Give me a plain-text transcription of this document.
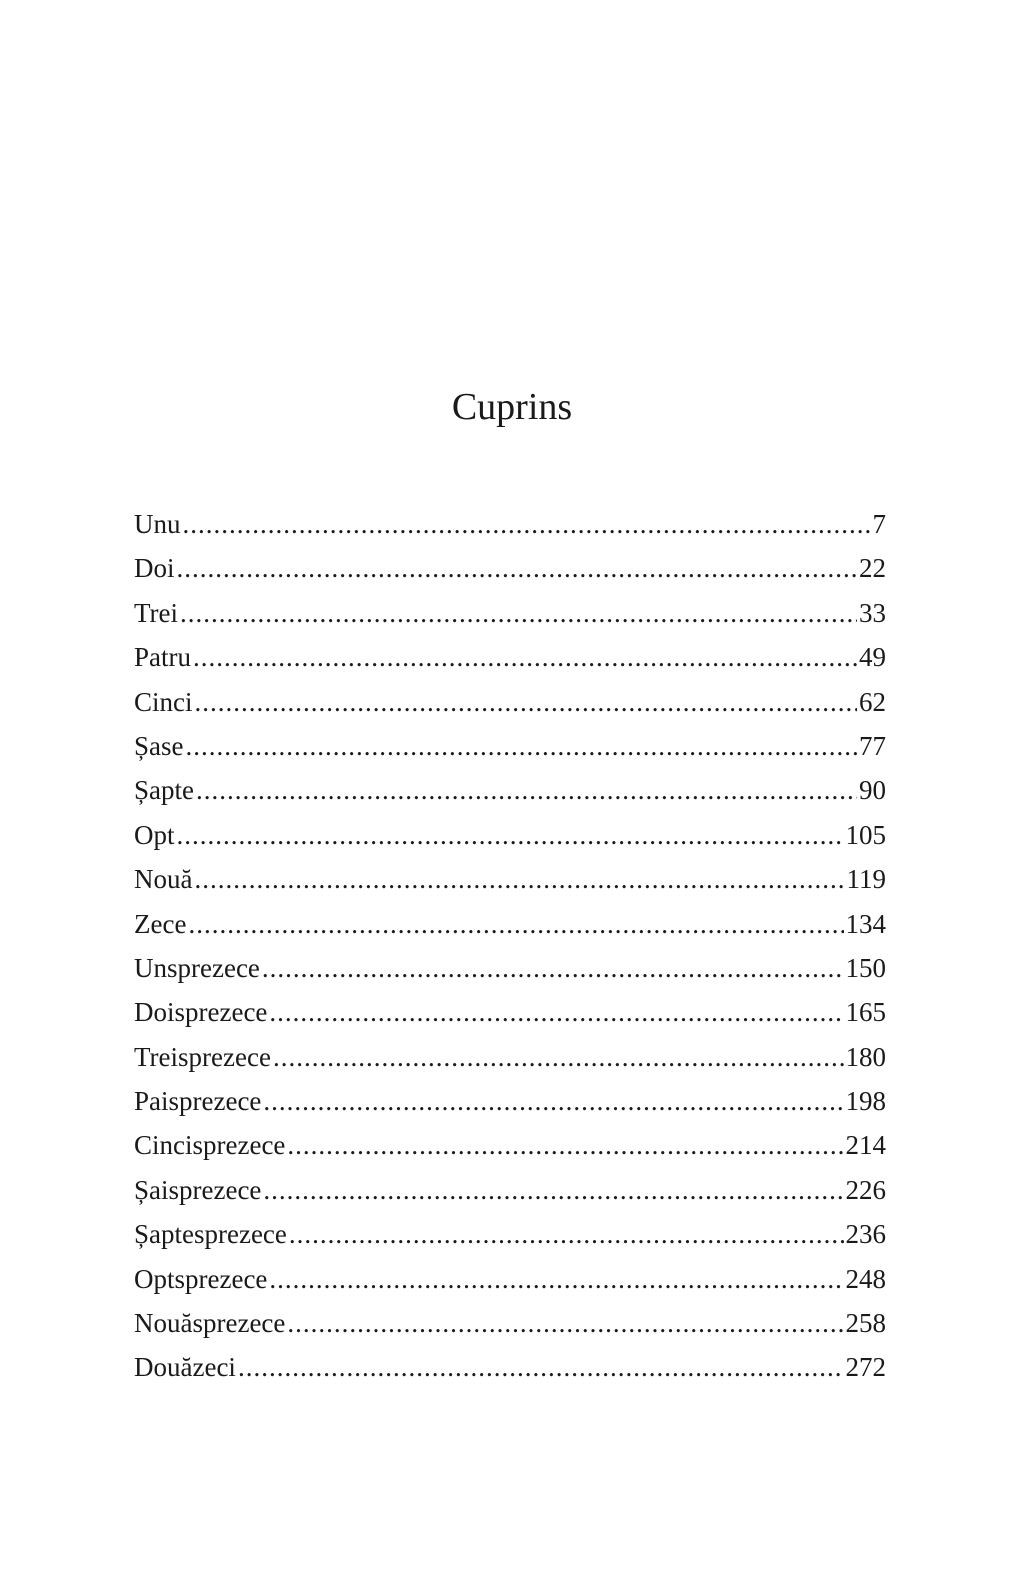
Cuprins
Unu .....	7
Doi .....	22
Trei .....	33
Patru .....	49
Cinci .....	62
Șase .....	77
Șapte .....	90
Opt .....	105
Nouă .....	119
Zece .....	134
Unsprezece .....	150
Doisprezece .....	165
Treisprezece .....	180
Paisprezece .....	198
Cincisprezece .....	214
Șaisprezece .....	226
Șaptesprezece .....	236
Optsprezece .....	248
Nouăsprezece .....	258
Douăzeci .....	272
